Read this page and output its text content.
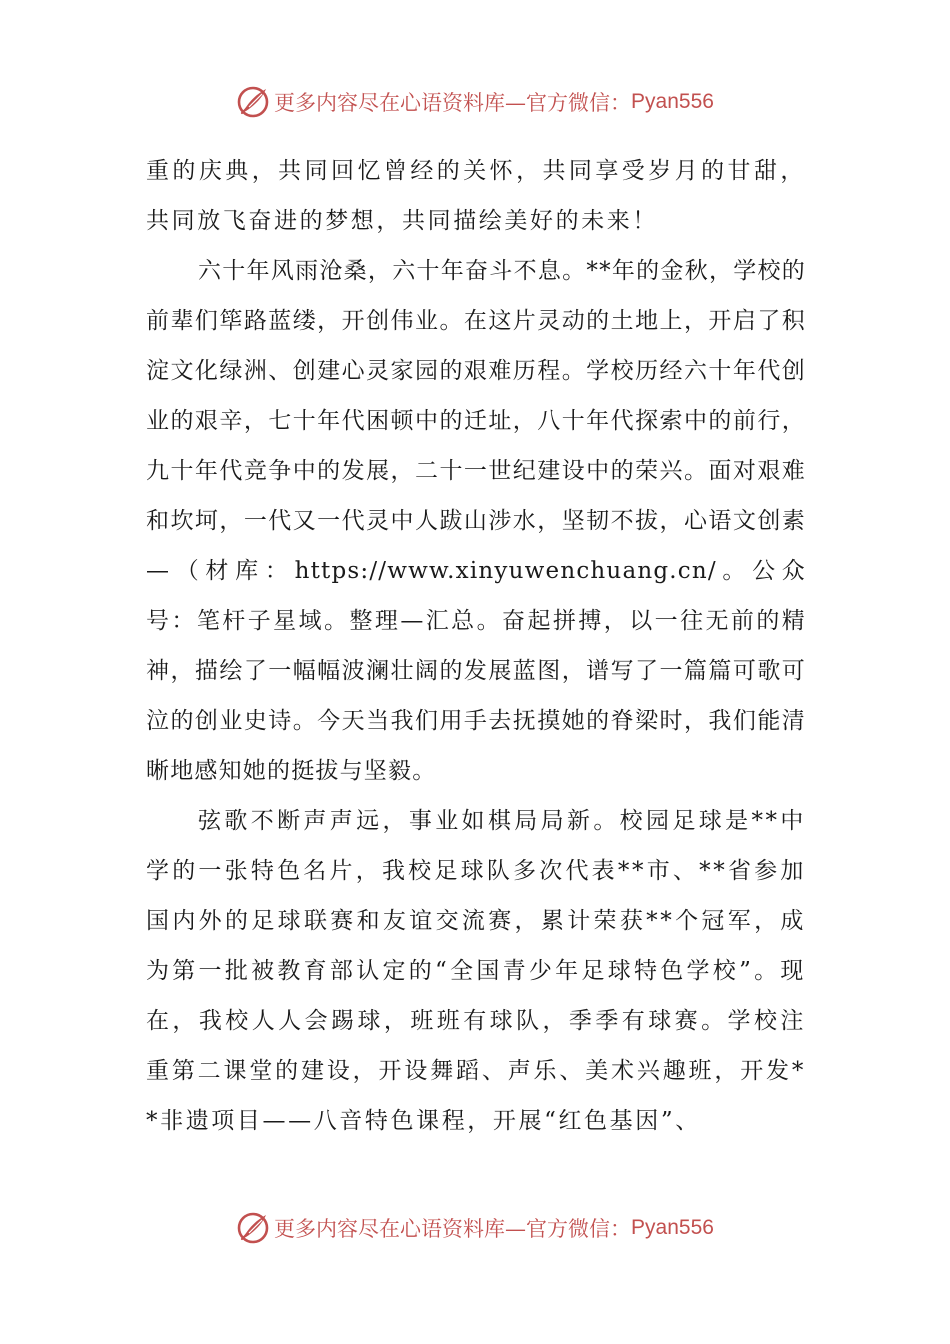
更多内容尽在心语资料库—官方微信： Pyan556

重的庆典，共同回忆曾经的关怀，共同享受岁月的甘甜，共同放飞奋进的梦想，共同描绘美好的未来！

六十年风雨沧桑，六十年奋斗不息。**年的金秋，学校的前辈们筚路蓝缕，开创伟业。在这片灵动的土地上，开启了积淀文化绿洲、创建心灵家园的艰难历程。学校历经六十年代创业的艰辛，七十年代困顿中的迁址，八十年代探索中的前行，九十年代竞争中的发展，二十一世纪建设中的荣兴。面对艰难和坎坷，一代又一代灵中人跋山涉水，坚韧不拔，心语文创素—（材库：https://www.xinyuwenchuang.cn/。公众号：笔杆子星域。整理—汇总。奋起拼搏，以一往无前的精神，描绘了一幅幅波澜壮阔的发展蓝图，谱写了一篇篇可歌可泣的创业史诗。今天当我们用手去抚摸她的脊梁时，我们能清晰地感知她的挺拔与坚毅。

弦歌不断声声远，事业如棋局局新。校园足球是**中学的一张特色名片，我校足球队多次代表**市、**省参加国内外的足球联赛和友谊交流赛，累计荣获**个冠军，成为第一批被教育部认定的“全国青少年足球特色学校”。现在，我校人人会踢球，班班有球队，季季有球赛。学校注重第二课堂的建设，开设舞蹈、声乐、美术兴趣班，开发**非遗项目——八音特色课程，开展“红色基因”、

更多内容尽在心语资料库—官方微信： Pyan556
